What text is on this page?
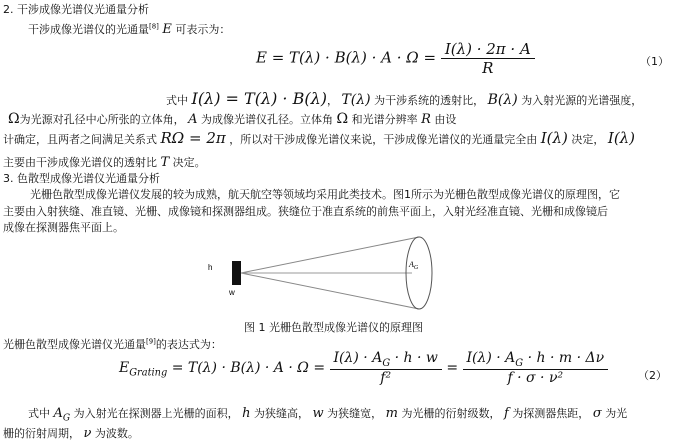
2. 干涉成像光谱仪光通量分析
干涉成像光谱仪的光通量[8] E 可表示为：
$E = T(\lambda) \cdot B(\lambda) \cdot A \cdot \Omega = \frac{I(\lambda) \cdot 2\pi \cdot A}{R}$	（1）
式中 I(λ) = T(λ) · B(λ)， T(λ) 为干涉系统的透射比， B(λ) 为入射光源的光谱强度，
Ω为光源对孔径中心所张的立体角， A 为成像光谱仪孔径。立体角 Ω 和光谱分辨率 R 由设
计确定，且两者之间满足关系式 RΩ = 2π ，所以对干涉成像光谱仪来说，干涉成像光谱仪的光通量完全由 I(λ) 决定， I(λ)
主要由干涉成像光谱仪的透射比 T 决定。
3. 色散型成像光谱仪光通量分析
光栅色散型成像光谱仪发展的较为成熟，航天航空等领域均采用此类技术。图1所示为光栅色散型成像光谱仪的原理图，它
主要由入射狭缝、准直镜、光栅、成像镜和探测器组成。狭缝位于准直系统的前焦平面上，入射光经准直镜、光栅和成像镜后
成像在探测器焦平面上。
h
w
$A_G$
图 1 光栅色散型成像光谱仪的原理图
光栅色散型成像光谱仪光通量[9]的表达式为：
$E_{Grating} = T(\lambda) \cdot B(\lambda) \cdot A \cdot \Omega = \frac{I(\lambda) \cdot A_G \cdot h \cdot w}{\text{f²}} = \frac{I(\lambda) \cdot A_G \cdot h \cdot m \cdot \Delta\nu}{\text{f · σ · ν²}}$	（2）
式中 $A_G$ 为入射光在探测器上光栅的面积， h 为狭缝高， w 为狭缝宽， m 为光栅的衍射级数， f 为探测器焦距， σ 为光
栅的衍射周期， ν 为波数。
